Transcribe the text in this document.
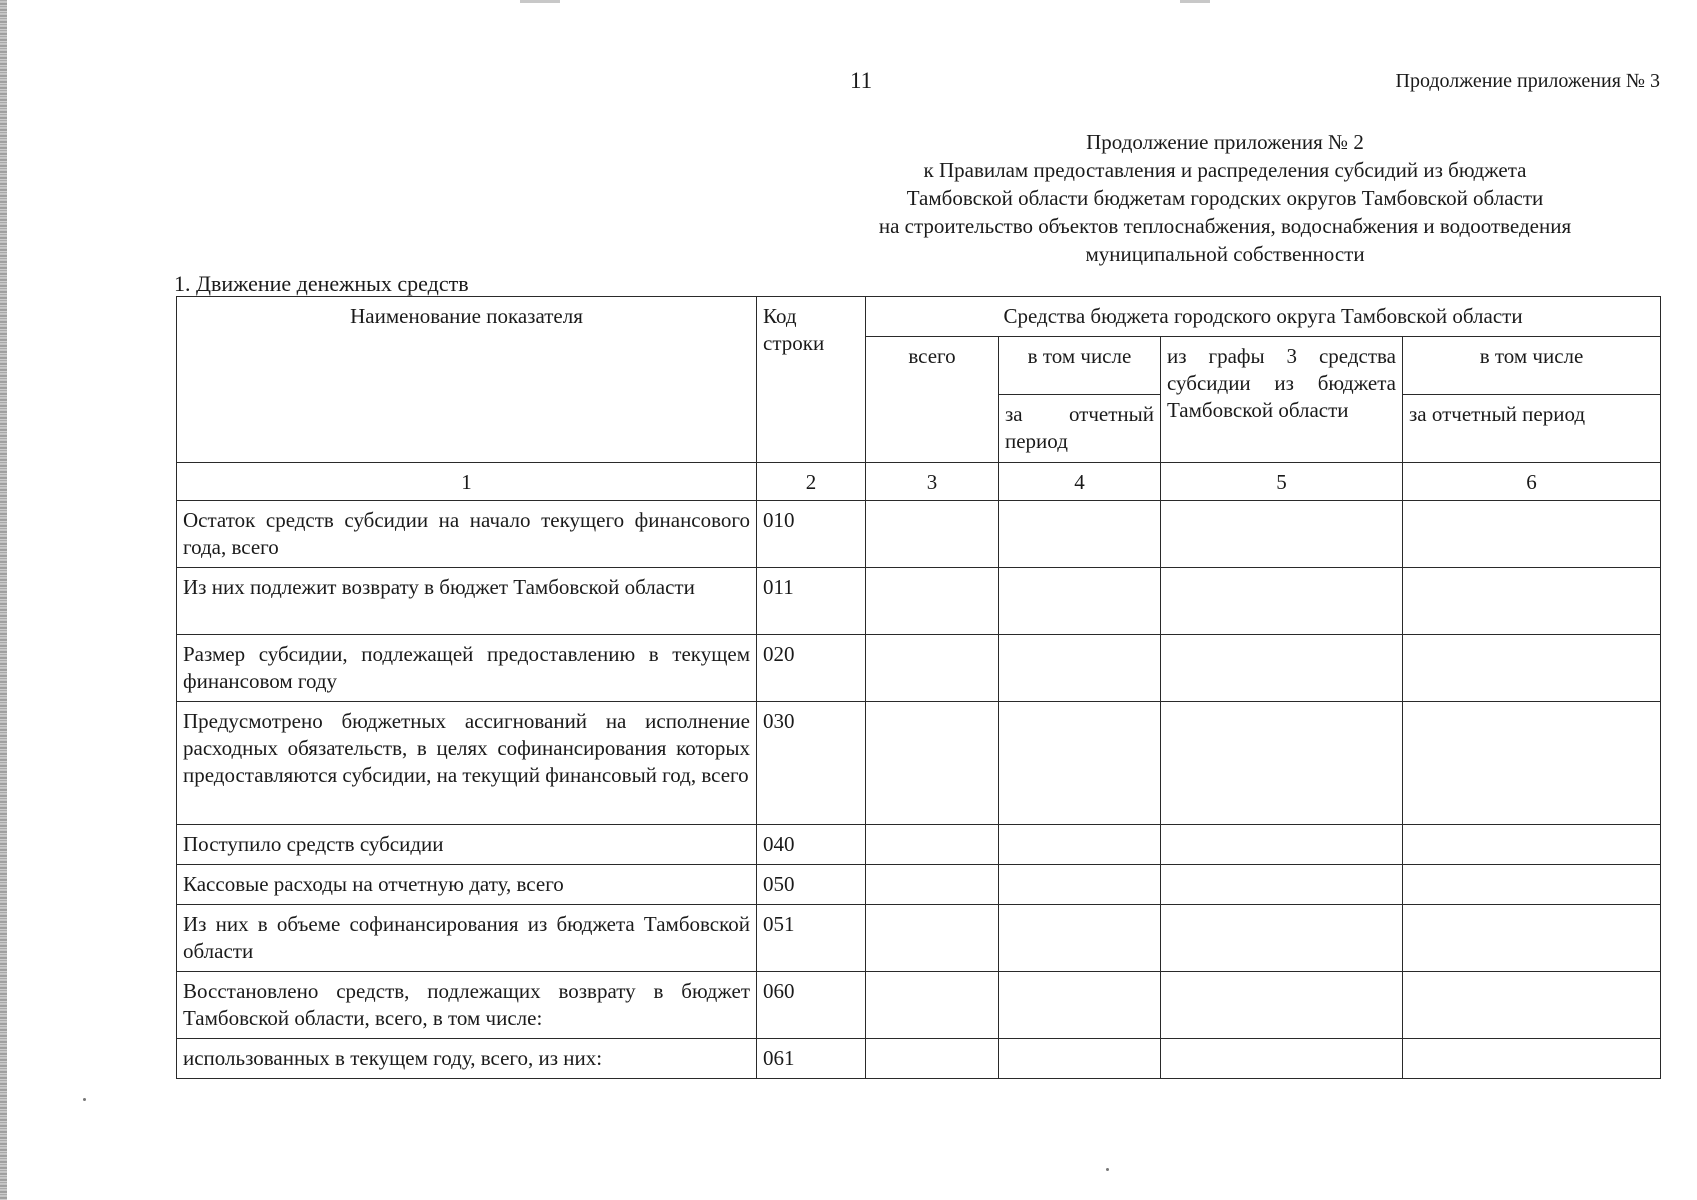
11	Продолжение приложения № 3
Продолжение приложения № 2
к Правилам предоставления и распределения субсидий из бюджета
Тамбовской области бюджетам городских округов Тамбовской области
на строительство объектов теплоснабжения, водоснабжения и водоотведения
муниципальной собственности
1. Движение денежных средств
Наименование показателя	Код строки	Средства бюджета городского округа Тамбовской области			
		всего	в том числе	из графы 3 средства субсидии из бюджета Тамбовской области	в том числе
			за отчетный период		за отчетный период
1	2	3	4	5	6
Остаток средств субсидии на начало текущего финансового года, всего	010				
Из них подлежит возврату в бюджет Тамбовской области	011				
Размер субсидии, подлежащей предоставлению в текущем финансовом году	020				
Предусмотрено бюджетных ассигнований на исполнение расходных обязательств, в целях софинансирования которых предоставляются субсидии, на текущий финансовый год, всего	030				
Поступило средств субсидии	040				
Кассовые расходы на отчетную дату, всего	050				
Из них в объеме софинансирования из бюджета Тамбовской области	051				
Восстановлено средств, подлежащих возврату в бюджет Тамбовской области, всего, в том числе:	060				
использованных в текущем году, всего, из них:	061				
